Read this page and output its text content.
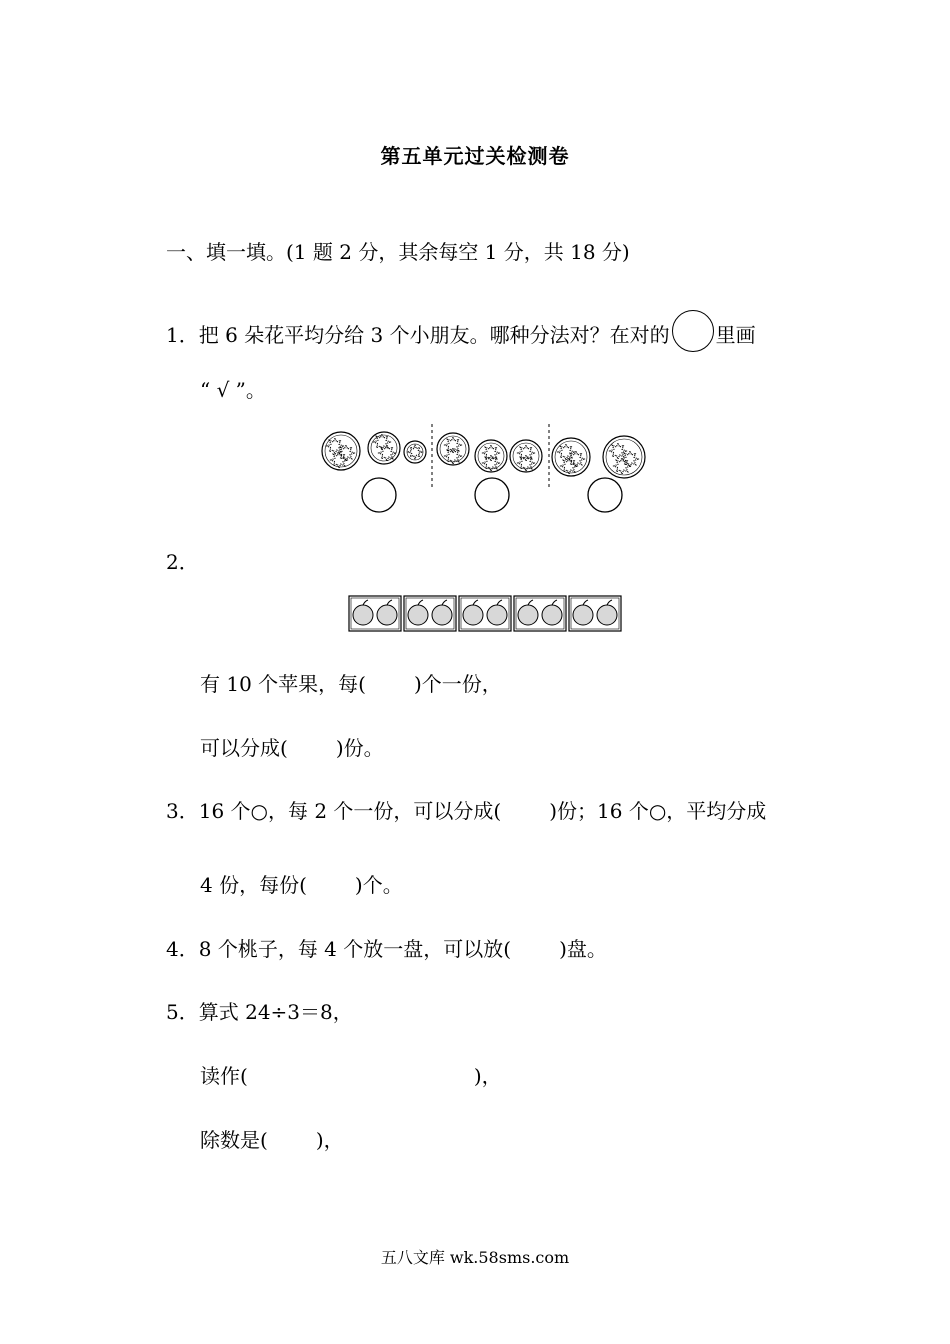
第五单元过关检测卷
一、填一填。(1 题 2 分，其余每空 1 分，共 18 分)
1．把 6 朵花平均分给 3 个小朋友。哪种分法对？在对的 里画
“ √ ”。
2．
有 10 个苹果，每( )个一份，
可以分成( )份。
3．16 个○，每 2 个一份，可以分成( )份；16 个○，平均分成
4 份，每份( )个。
4．8 个桃子，每 4 个放一盘，可以放( )盘。
5．算式 24÷3＝8，
读作(	)，
除数是( )，
五八文库 wk.58sms.com
